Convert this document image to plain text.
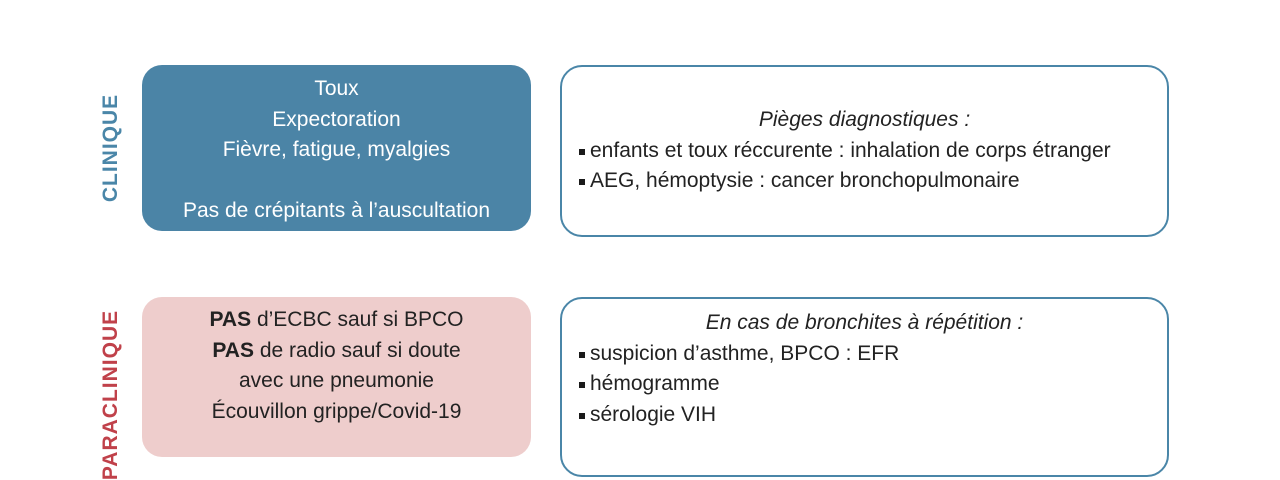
CLINIQUE
Toux
Expectoration
Fièvre, fatigue, myalgies
Pas de crépitants à l’auscultation
Pièges diagnostiques :
enfants et toux réccurente : inhalation de corps étranger
AEG, hémoptysie : cancer bronchopulmonaire
PARACLINIQUE	PAS d’ECBC sauf si BPCO
PAS de radio sauf si doute
avec une pneumonie
Écouvillon grippe/Covid-19
En cas de bronchites à répétition :
suspicion d’asthme, BPCO : EFR
hémogramme
sérologie VIH
